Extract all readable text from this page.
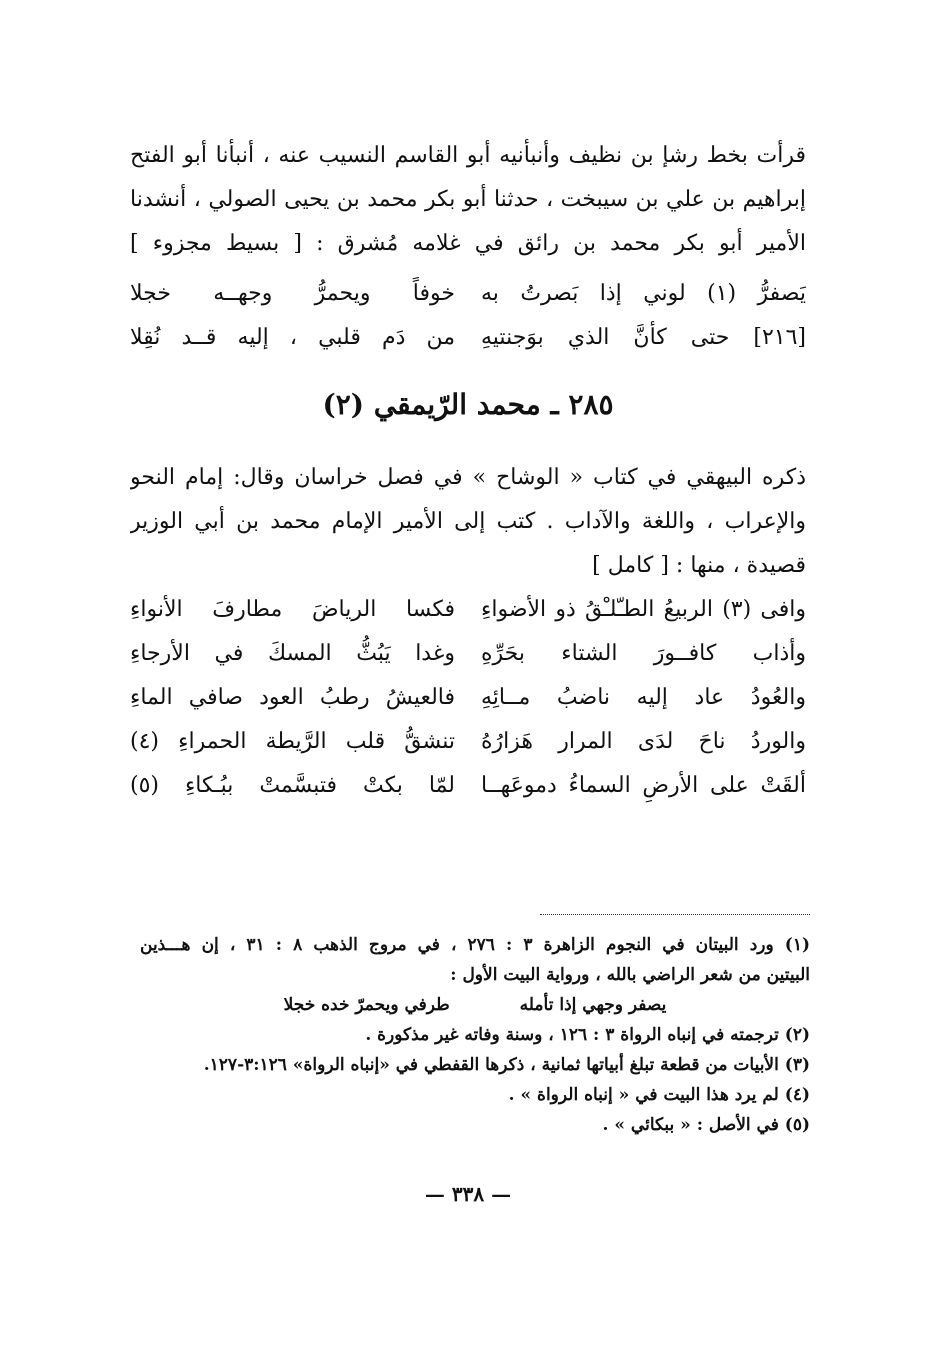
قرأت بخط رشإ بن نظيف وأنبأنيه أبو القاسم النسيب عنه ، أنبأنا أبو الفتح
إبراهيم بن علي بن سيبخت ، حدثنا أبو بكر محمد بن يحيى الصولي ، أنشدنا
الأمير أبو بكر محمد بن رائق في غلامه مُشرق : [ بسيط مجزوء ]
يَصفرُّ (١) لوني إذا بَصرتُ به
خوفاً ويحمرُّ وجهــه خجلا
[٢١٦] حتى كأنَّ الذي بوَجنتيهِ
من دَم قلبي ، إليه قــد نُقِلا
٢٨٥ ـ محمد الرّيمقي (٢)
ذكره البيهقي في كتاب « الوشاح » في فصل خراسان وقال: إمام النحو
والإعراب ، واللغة والآداب . كتب إلى الأمير الإمام محمد بن أبي الوزير
قصيدة ، منها : [ كامل ]
وافى (٣) الربيعُ الطـّلـْقُ ذو الأضواءِ
فكسا الرياضَ مطارفَ الأنواءِ
وأذاب كافــورَ الشتاء بحَرِّهِ
وغدا يَبُثُّ المسكَ في الأرجاءِ
والعُودُ عاد إليه ناضبُ مــائِهِ
فالعيشُ رطبُ العود صافي الماءِ
والوردُ ناحَ لدَى المرار هَزارُهُ
تنشقُّ قلب الرَّيطة الحمراءِ (٤)
ألقَتْ على الأرضِ السماءُ دموعَهــا
لمّا بكتْ فتبسَّمتْ ببُـكاءِ (٥)
(١) ورد البيتان في النجوم الزاهرة ٣ : ٢٧٦ ، في مروج الذهب ٨ : ٣١ ، إن هـــذين
البيتين من شعر الراضي بالله ، ورواية البيت الأول :
يصفر وجهي إذا تأمله
طرفي ويحمرّ خده خجلا
(٢) ترجمته في إنباه الرواة ٣ : ١٢٦ ، وسنة وفاته غير مذكورة .
(٣) الأبيات من قطعة تبلغ أبياتها ثمانية ، ذكرها القفطي في «إنباه الرواة» ٣:١٢٦-١٢٧.
(٤) لم يرد هذا البيت في « إنباه الرواة » .
(٥) في الأصل : « ببكائي » .
— ٣٣٨ —
